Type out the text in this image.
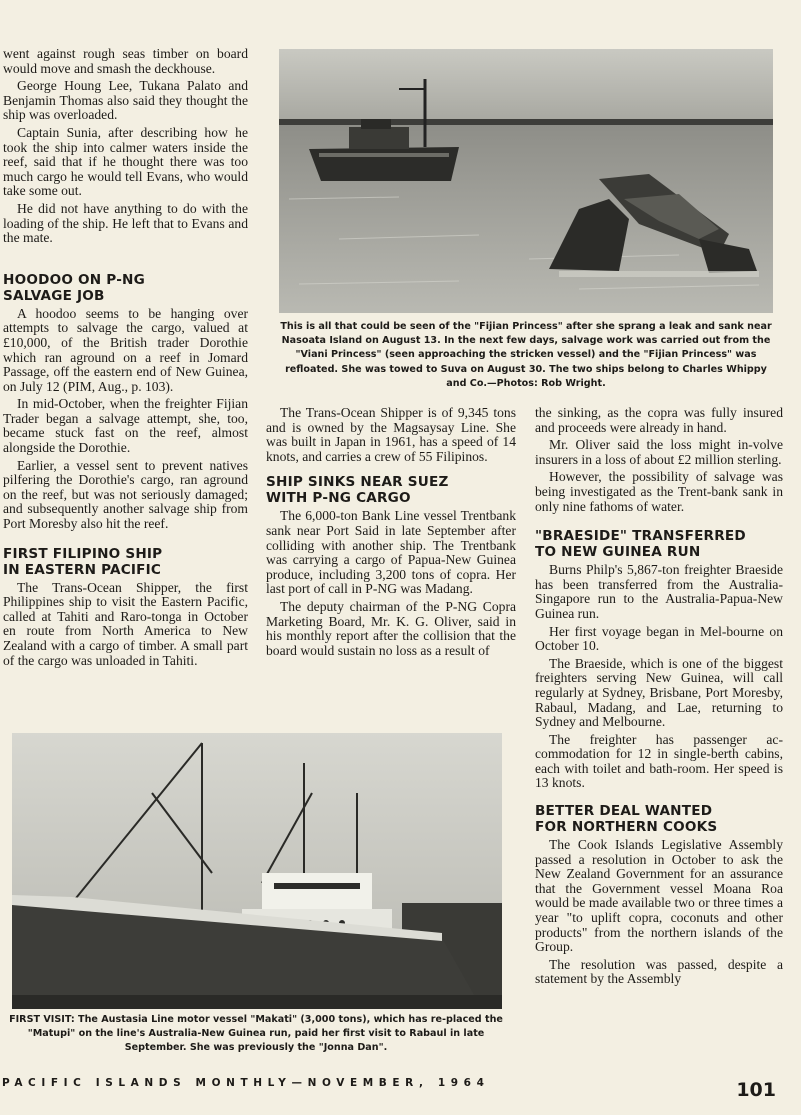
went against rough seas timber on board would move and smash the deckhouse.

George Houng Lee, Tukana Palato and Benjamin Thomas also said they thought the ship was overloaded.

Captain Sunia, after describing how he took the ship into calmer waters inside the reef, said that if he thought there was too much cargo he would tell Evans, who would take some out.

He did not have anything to do with the loading of the ship. He left that to Evans and the mate.

HOODOO ON P-NG
SALVAGE JOB

A hoodoo seems to be hanging over attempts to salvage the cargo, valued at £10,000, of the British trader Dorothie which ran aground on a reef in Jomard Passage, off the eastern end of New Guinea, on July 12 (PIM, Aug., p. 103).

In mid-October, when the freighter Fijian Trader began a salvage attempt, she, too, became stuck fast on the reef, almost alongside the Dorothie.

Earlier, a vessel sent to prevent natives pilfering the Dorothie's cargo, ran aground on the reef, but was not seriously damaged; and subsequently another salvage ship from Port Moresby also hit the reef.

FIRST FILIPINO SHIP
IN EASTERN PACIFIC

The Trans-Ocean Shipper, the first Philippines ship to visit the Eastern Pacific, called at Tahiti and Raro-tonga in October en route from North America to New Zealand with a cargo of timber. A small part of the cargo was unloaded in Tahiti.

This is all that could be seen of the "Fijian Princess" after she sprang a leak and sank near Nasoata Island on August 13. In the next few days, salvage work was carried out from the "Viani Princess" (seen approaching the stricken vessel) and the "Fijian Princess" was refloated. She was towed to Suva on August 30. The two ships belong to Charles Whippy and Co.—Photos: Rob Wright.

The Trans-Ocean Shipper is of 9,345 tons and is owned by the Magsaysay Line. She was built in Japan in 1961, has a speed of 14 knots, and carries a crew of 55 Filipinos.

SHIP SINKS NEAR SUEZ
WITH P-NG CARGO

The 6,000-ton Bank Line vessel Trentbank sank near Port Said in late September after colliding with another ship. The Trentbank was carrying a cargo of Papua-New Guinea produce, including 3,200 tons of copra. Her last port of call in P-NG was Madang.

The deputy chairman of the P-NG Copra Marketing Board, Mr. K. G. Oliver, said in his monthly report after the collision that the board would sustain no loss as a result of

the sinking, as the copra was fully insured and proceeds were already in hand.

Mr. Oliver said the loss might in-volve insurers in a loss of about £2 million sterling.

However, the possibility of salvage was being investigated as the Trent-bank sank in only nine fathoms of water.

"BRAESIDE" TRANSFERRED
TO NEW GUINEA RUN

Burns Philp's 5,867-ton freighter Braeside has been transferred from the Australia-Singapore run to the Australia-Papua-New Guinea run.

Her first voyage began in Mel-bourne on October 10.

The Braeside, which is one of the biggest freighters serving New Guinea, will call regularly at Sydney, Brisbane, Port Moresby, Rabaul, Madang, and Lae, returning to Sydney and Melbourne.

The freighter has passenger ac-commodation for 12 in single-berth cabins, each with toilet and bath-room. Her speed is 13 knots.

BETTER DEAL WANTED
FOR NORTHERN COOKS

The Cook Islands Legislative Assembly passed a resolution in October to ask the New Zealand Government for an assurance that the Government vessel Moana Roa would be made available two or three times a year "to uplift copra, coconuts and other products" from the northern islands of the Group.

The resolution was passed, despite a statement by the Assembly

FIRST VISIT: The Austasia Line motor vessel "Makati" (3,000 tons), which has re-placed the "Matupi" on the line's Australia-New Guinea run, paid her first visit to Rabaul in late September. She was previously the "Jonna Dan".
PACIFIC ISLANDS MONTHLY—NOVEMBER, 1964	101
